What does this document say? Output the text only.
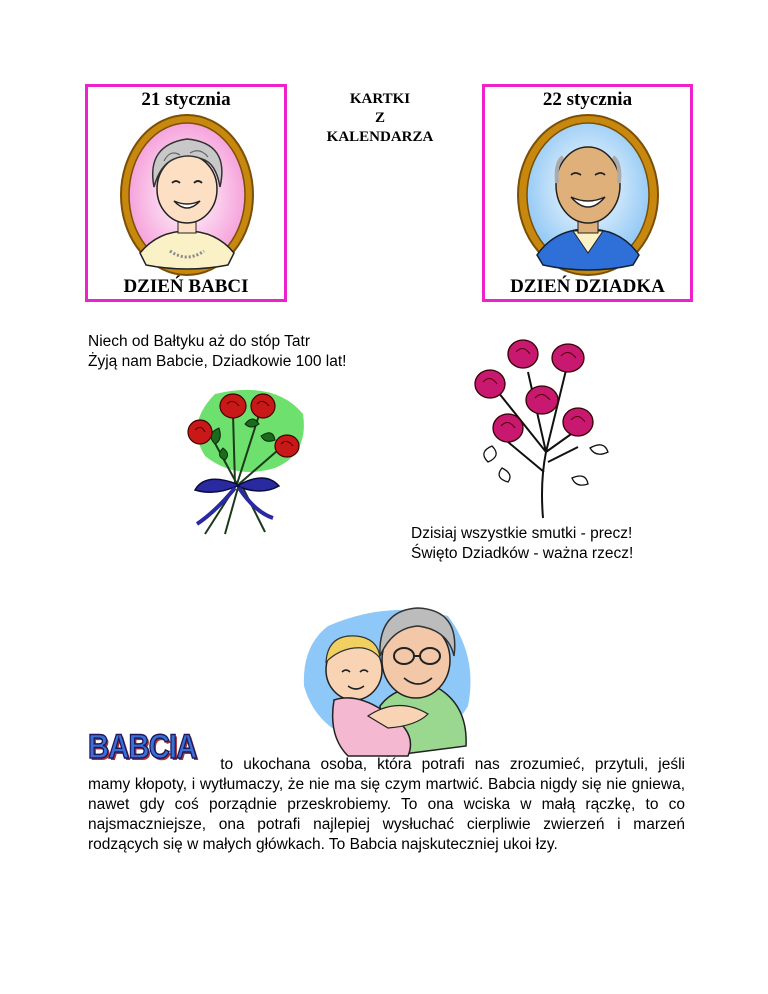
21 stycznia
DZIEŃ BABCI
KARTKI
Z
KALENDARZA
22 stycznia
DZIEŃ DZIADKA
Niech od Bałtyku aż do stóp Tatr
Żyją nam Babcie, Dziadkowie 100 lat!
Dzisiaj wszystkie smutki - precz!
Święto Dziadków - ważna rzecz!
BABCIA to ukochana osoba, która potrafi nas zrozumieć, przytuli, jeśli mamy kłopoty, i wytłumaczy, że nie ma się czym martwić. Babcia nigdy się nie gniewa, nawet gdy coś porządnie przeskrobiemy. To ona wciska w małą rączkę, to co najsmaczniejsze, ona potrafi najlepiej wysłuchać cierpliwie zwierzeń i marzeń rodzących się w małych główkach. To Babcia najskuteczniej ukoi łzy.
